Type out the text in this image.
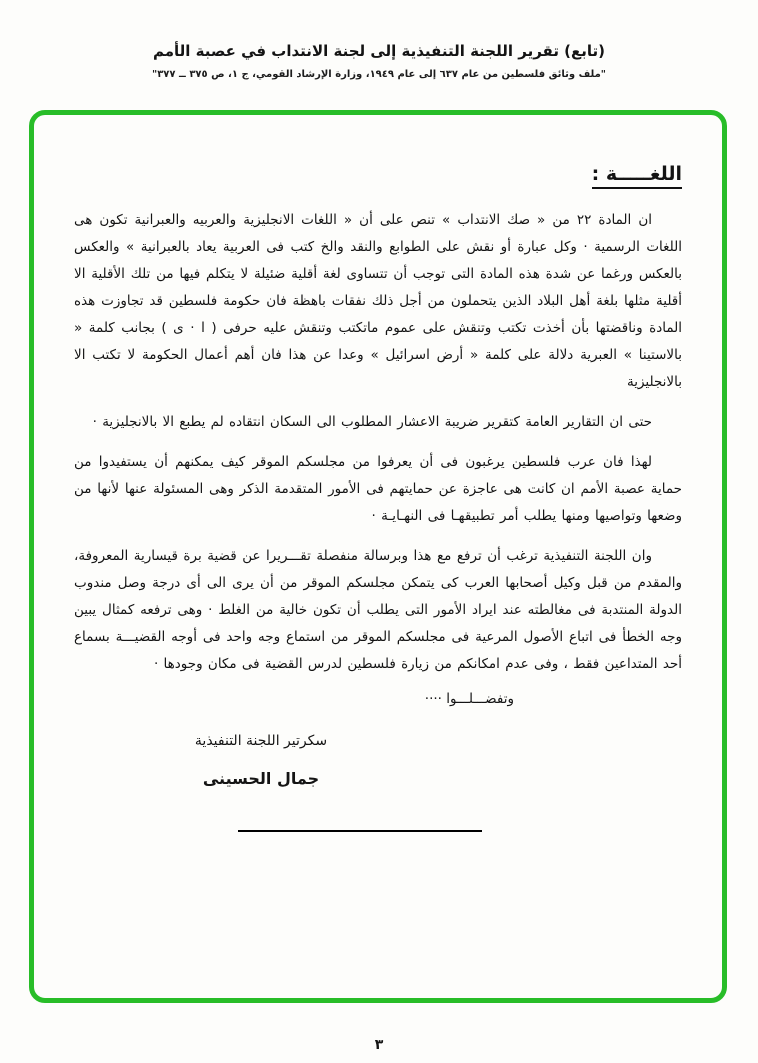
(تابع) تقرير اللجنة التنفيذية إلى لجنة الانتداب في عصبة الأمم
"ملف وثائق فلسطين من عام ٦٣٧ إلى عام ١٩٤٩، وزارة الإرشاد القومي، ج ١، ص ٣٧٥ ــ ٣٧٧"
اللغـــــة :

ان المادة ٢٢ من « صك الانتداب » تنص على أن « اللغات الانجليزية والعربيه والعبرانية تكون هى اللغات الرسمية · وكل عبارة أو نقش على الطوابع والنقد والخ كتب فى العربية يعاد بالعبرانية » والعكس بالعكس ورغما عن شدة هذه المادة التى توجب أن تتساوى لغة أقلية ضئيلة لا يتكلم فيها من تلك الأقلية الا أقلية مثلها بلغة أهل البلاد الذين يتحملون من أجل ذلك نفقات باهظة فان حكومة فلسطين قد تجاوزت هذه المادة وناقضتها بأن أخذت تكتب وتنقش على عموم ماتكتب وتنقش عليه حرفى ( ا · ى ) بجانب كلمة « بالاستينا » العبرية دلالة على كلمة « أرض اسرائيل » وعدا عن هذا فان أهم أعمال الحكومة لا تكتب الا بالانجليزية

حتى ان التقارير العامة كتقرير ضريبة الاعشار المطلوب الى السكان انتقاده لم يطبع الا بالانجليزية ·

لهذا فان عرب فلسطين يرغبون فى أن يعرفوا من مجلسكم الموقر كيف يمكنهم أن يستفيدوا من حماية عصبة الأمم ان كانت هى عاجزة عن حمايتهم فى الأمور المتقدمة الذكر وهى المسئولة عنها لأنها من وضعها وتواصيها ومنها يطلب أمر تطبيقهـا فى النهـايـة ·

وان اللجنة التنفيذية ترغب أن ترفع مع هذا وبرسالة منفصلة تقـــريرا عن قضية برة قيسارية المعروفة، والمقدم من قبل وكيل أصحابها العرب كى يتمكن مجلسكم الموقر من أن يرى الى أى درجة وصل مندوب الدولة المنتدبة فى مغالطته عند ايراد الأمور التى يطلب أن تكون خالية من الغلط · وهى ترفعه كمثال يبين وجه الخطأ فى اتباع الأصول المرعية فى مجلسكم الموقر من استماع وجه واحد فى أوجه القضيـــة بسماع أحد المتداعين فقط ، وفى عدم امكانكم من زيارة فلسطين لدرس القضية فى مكان وجودها ·

وتفضـــلـــوا ····
سكرتير اللجنة التنفيذية
جمال الحسينى
٣
